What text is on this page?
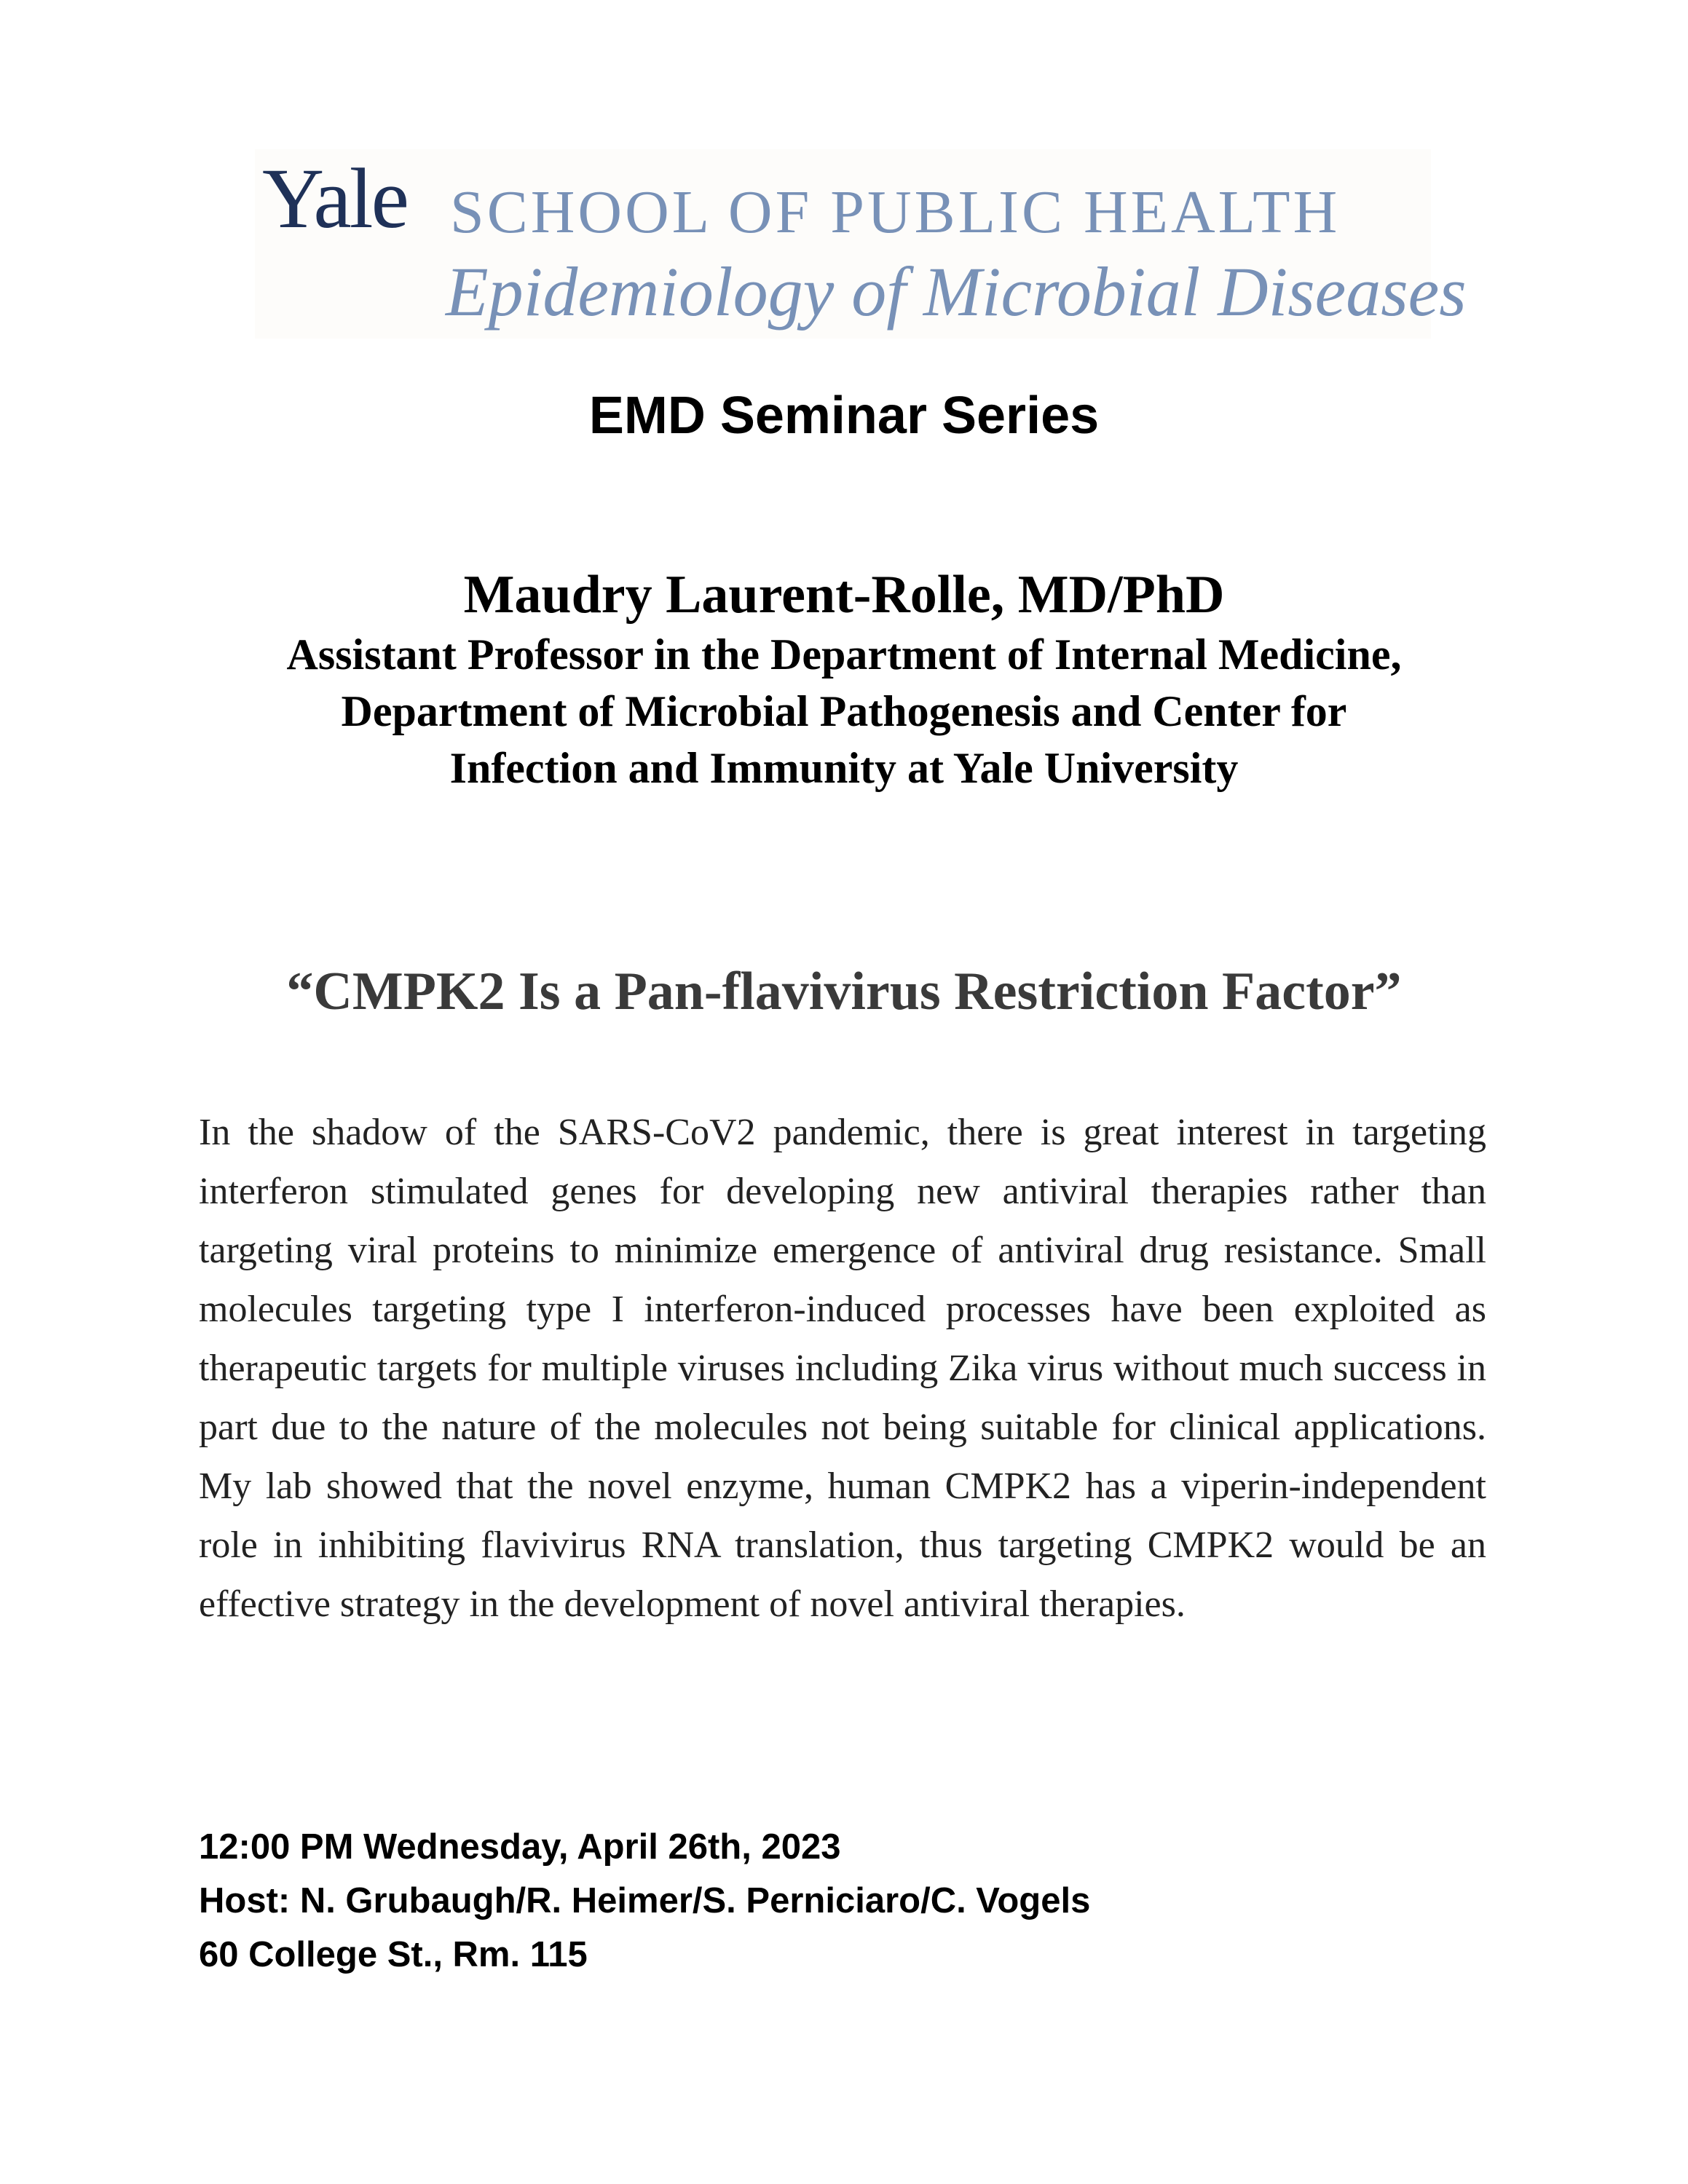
Yale SCHOOL OF PUBLIC HEALTH
Epidemiology of Microbial Diseases
EMD Seminar Series
Maudry Laurent-Rolle, MD/PhD
Assistant Professor in the Department of Internal Medicine,
Department of Microbial Pathogenesis and Center for
Infection and Immunity at Yale University
“CMPK2 Is a Pan-flavivirus Restriction Factor”
In the shadow of the SARS-CoV2 pandemic, there is great interest in targeting interferon stimulated genes for developing new antiviral therapies rather than targeting viral proteins to minimize emergence of antiviral drug resistance. Small molecules targeting type I interferon-induced processes have been exploited as therapeutic targets for multiple viruses including Zika virus without much success in part due to the nature of the molecules not being suitable for clinical applications. My lab showed that the novel enzyme, human CMPK2 has a viperin-independent role in inhibiting flavivirus RNA translation, thus targeting CMPK2 would be an effective strategy in the development of novel antiviral therapies.
12:00 PM Wednesday, April 26th, 2023
Host: N. Grubaugh/R. Heimer/S. Perniciaro/C. Vogels
60 College St., Rm. 115
